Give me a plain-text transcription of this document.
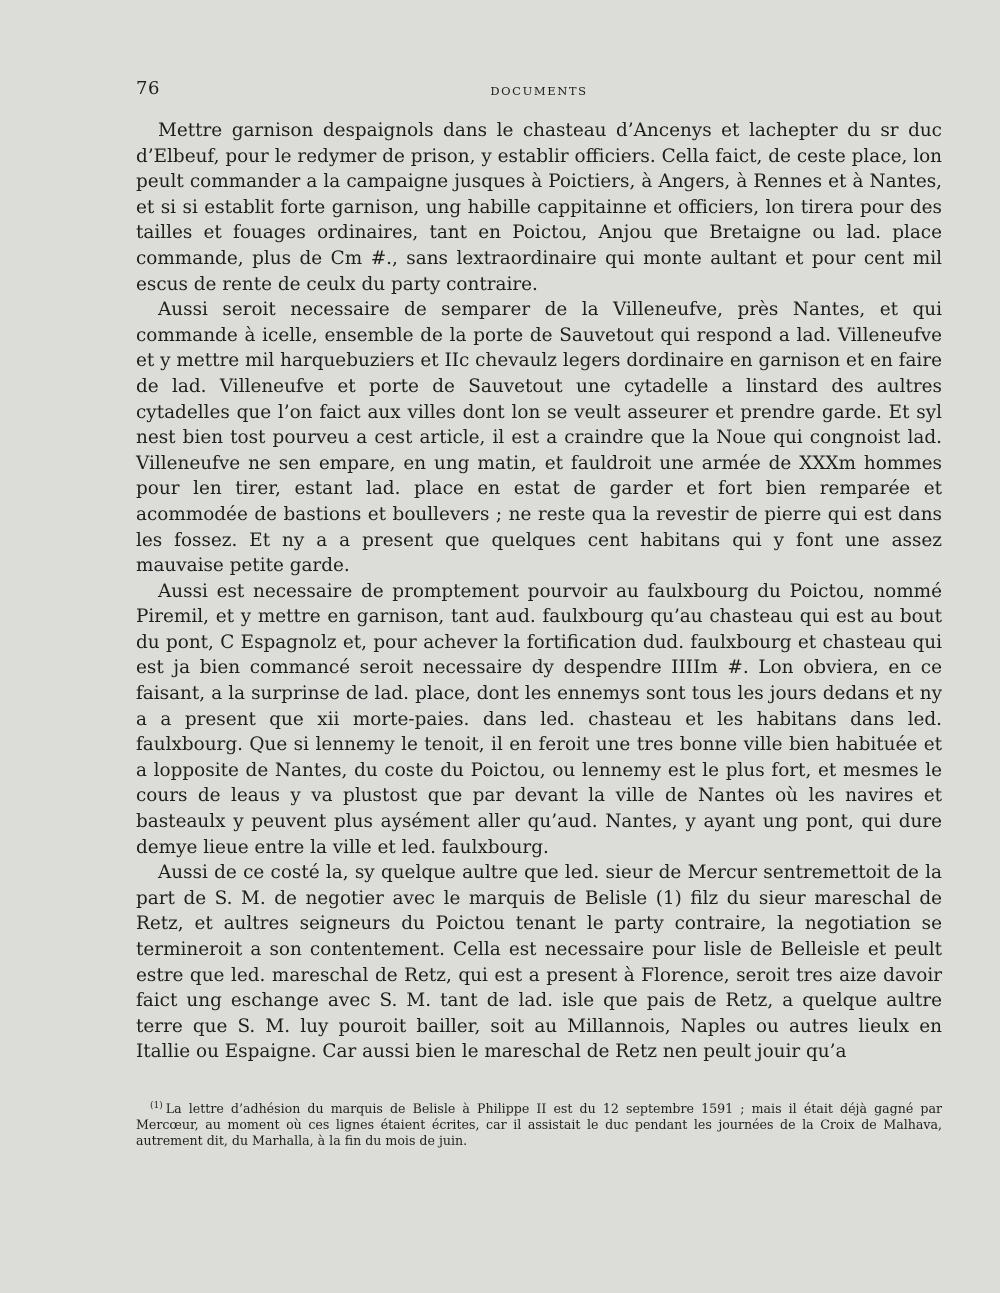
76	DOCUMENTS

Mettre garnison despaignols dans le chasteau d’Ancenys et lachepter du sr duc d’Elbeuf, pour le redymer de prison, y establir officiers. Cella faict, de ceste place, lon peult commander a la campaigne jusques à Poictiers, à Angers, à Rennes et à Nantes, et si si establit forte garnison, ung habille cappitainne et officiers, lon tirera pour des tailles et fouages ordinaires, tant en Poictou, Anjou que Bretaigne ou lad. place commande, plus de Cm #., sans lextraordinaire qui monte aultant et pour cent mil escus de rente de ceulx du party contraire.

Aussi seroit necessaire de semparer de la Villeneufve, près Nantes, et qui commande à icelle, ensemble de la porte de Sauvetout qui respond a lad. Villeneufve et y mettre mil harquebuziers et IIc chevaulz legers dordinaire en garnison et en faire de lad. Villeneufve et porte de Sauvetout une cytadelle a linstard des aultres cytadelles que l’on faict aux villes dont lon se veult asseurer et prendre garde. Et syl nest bien tost pourveu a cest article, il est a craindre que la Noue qui congnoist lad. Villeneufve ne sen empare, en ung matin, et fauldroit une armée de XXXm hommes pour len tirer, estant lad. place en estat de garder et fort bien remparée et acommodée de bastions et boullevers ; ne reste qua la revestir de pierre qui est dans les fossez. Et ny a a present que quelques cent habitans qui y font une assez mauvaise petite garde.

Aussi est necessaire de promptement pourvoir au faulxbourg du Poictou, nommé Piremil, et y mettre en garnison, tant aud. faulxbourg qu’au chasteau qui est au bout du pont, C Espagnolz et, pour achever la fortification dud. faulxbourg et chasteau qui est ja bien commancé seroit necessaire dy despendre IIIIm #. Lon obviera, en ce faisant, a la surprinse de lad. place, dont les ennemys sont tous les jours dedans et ny a a present que xii morte-paies. dans led. chasteau et les habitans dans led. faulxbourg. Que si lennemy le tenoit, il en feroit une tres bonne ville bien habituée et a lopposite de Nantes, du coste du Poictou, ou lennemy est le plus fort, et mesmes le cours de leaus y va plustost que par devant la ville de Nantes où les navires et basteaulx y peuvent plus aysément aller qu’aud. Nantes, y ayant ung pont, qui dure demye lieue entre la ville et led. faulxbourg.

Aussi de ce costé la, sy quelque aultre que led. sieur de Mercur sentremettoit de la part de S. M. de negotier avec le marquis de Belisle (1) filz du sieur mareschal de Retz, et aultres seigneurs du Poictou tenant le party contraire, la negotiation se termineroit a son contentement. Cella est necessaire pour lisle de Belleisle et peult estre que led. mareschal de Retz, qui est a present à Florence, seroit tres aize davoir faict ung eschange avec S. M. tant de lad. isle que pais de Retz, a quelque aultre terre que S. M. luy pouroit bailler, soit au Millannois, Naples ou autres lieulx en Itallie ou Espaigne. Car aussi bien le mareschal de Retz nen peult jouir qu’a

$^{(1)}$ La lettre d’adhésion du marquis de Belisle à Philippe II est du 12 septembre 1591 ; mais il était déjà gagné par Mercœur, au moment où ces lignes étaient écrites, car il assistait le duc pendant les journées de la Croix de Malhava, autrement dit, du Marhalla, à la fin du mois de juin.
